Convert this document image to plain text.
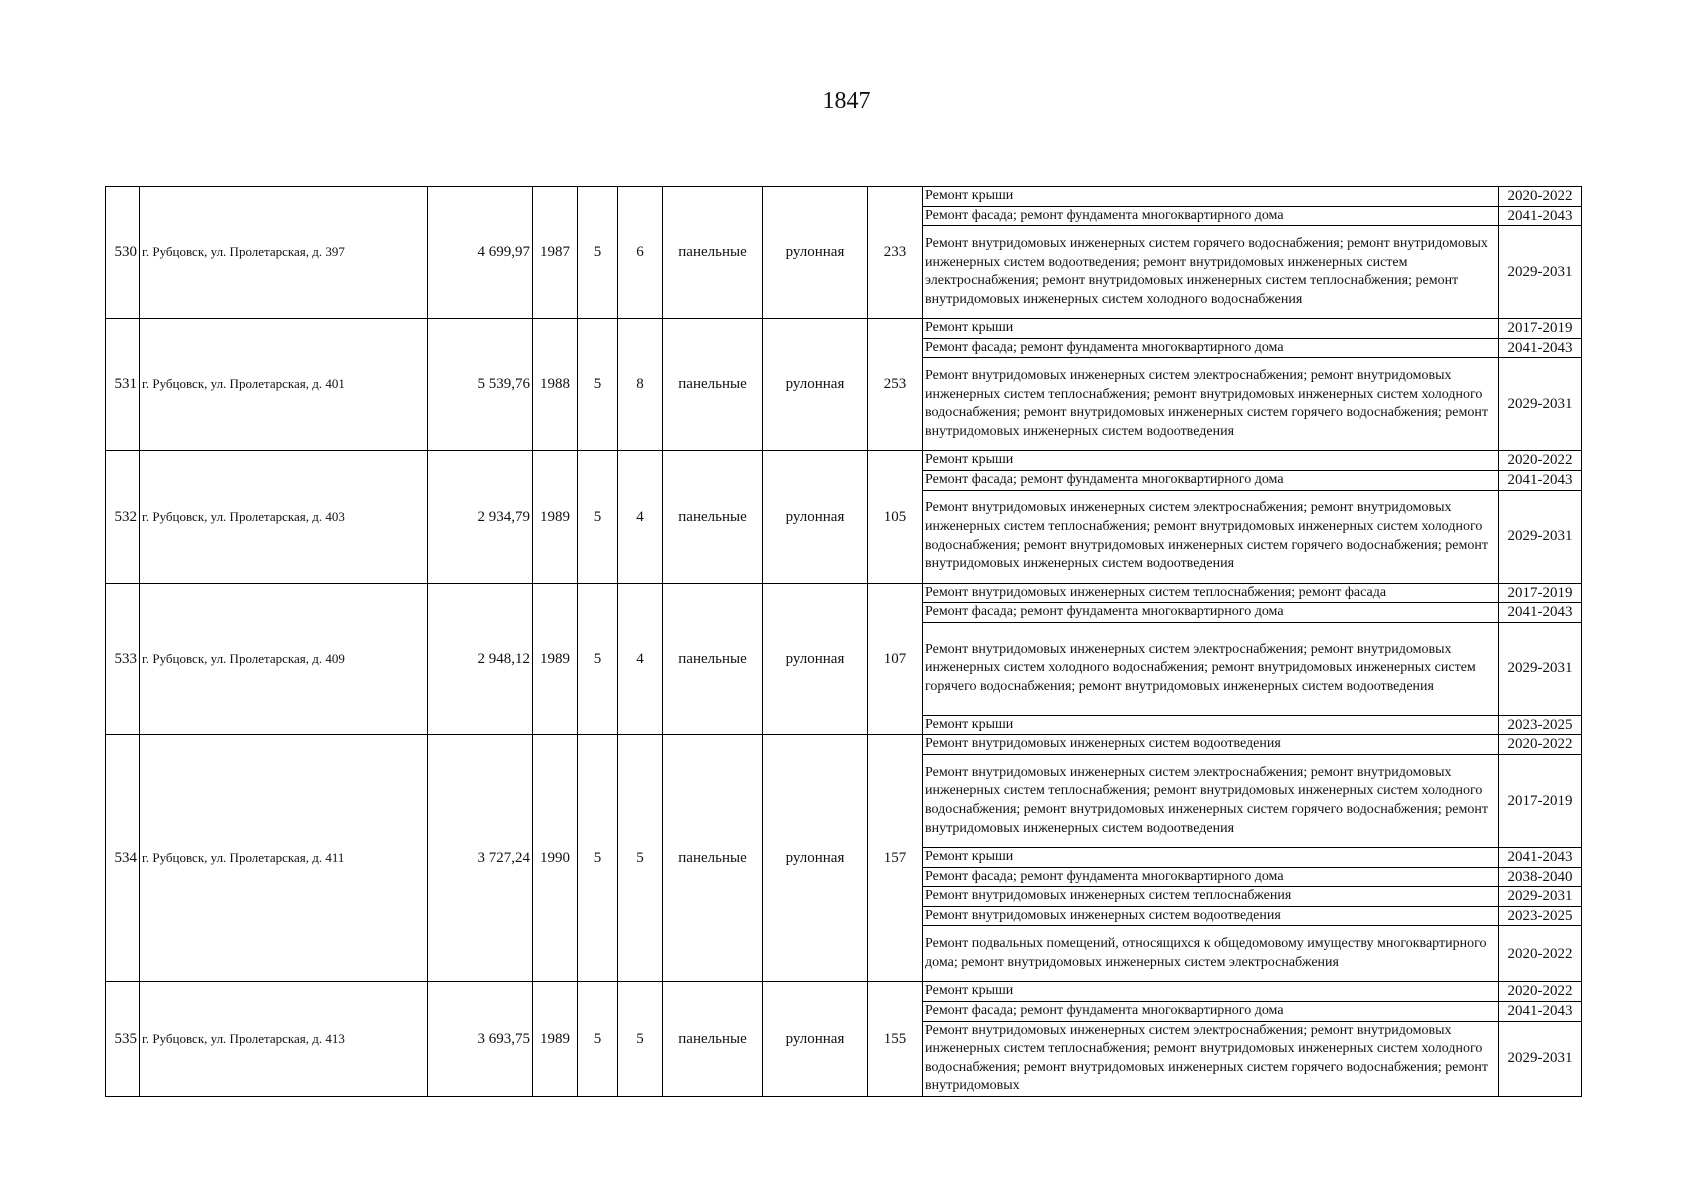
1847
530	г. Рубцовск, ул. Пролетарская, д. 397	4 699,97	1987	5	6	панельные	рулонная	233	Ремонт крыши	2020-2022
									Ремонт фасада; ремонт фундамента многоквартирного дома	2041-2043
									Ремонт внутридомовых инженерных систем горячего водоснабжения; ремонт внутридомовых инженерных систем водоотведения; ремонт внутридомовых инженерных систем электроснабжения; ремонт внутридомовых инженерных систем теплоснабжения; ремонт внутридомовых инженерных систем холодного водоснабжения	2029-2031
531	г. Рубцовск, ул. Пролетарская, д. 401	5 539,76	1988	5	8	панельные	рулонная	253	Ремонт крыши	2017-2019
									Ремонт фасада; ремонт фундамента многоквартирного дома	2041-2043
									Ремонт внутридомовых инженерных систем электроснабжения; ремонт внутридомовых инженерных систем теплоснабжения; ремонт внутридомовых инженерных систем холодного водоснабжения; ремонт внутридомовых инженерных систем горячего водоснабжения; ремонт внутридомовых инженерных систем водоотведения	2029-2031
532	г. Рубцовск, ул. Пролетарская, д. 403	2 934,79	1989	5	4	панельные	рулонная	105	Ремонт крыши	2020-2022
									Ремонт фасада; ремонт фундамента многоквартирного дома	2041-2043
									Ремонт внутридомовых инженерных систем электроснабжения; ремонт внутридомовых инженерных систем теплоснабжения; ремонт внутридомовых инженерных систем холодного водоснабжения; ремонт внутридомовых инженерных систем горячего водоснабжения; ремонт внутридомовых инженерных систем водоотведения	2029-2031
533	г. Рубцовск, ул. Пролетарская, д. 409	2 948,12	1989	5	4	панельные	рулонная	107	Ремонт внутридомовых инженерных систем теплоснабжения; ремонт фасада	2017-2019
									Ремонт фасада; ремонт фундамента многоквартирного дома	2041-2043
									Ремонт внутридомовых инженерных систем электроснабжения; ремонт внутридомовых инженерных систем холодного водоснабжения; ремонт внутридомовых инженерных систем горячего водоснабжения; ремонт внутридомовых инженерных систем водоотведения	2029-2031
									Ремонт крыши	2023-2025
534	г. Рубцовск, ул. Пролетарская, д. 411	3 727,24	1990	5	5	панельные	рулонная	157	Ремонт внутридомовых инженерных систем водоотведения	2020-2022
									Ремонт внутридомовых инженерных систем электроснабжения; ремонт внутридомовых инженерных систем теплоснабжения; ремонт внутридомовых инженерных систем холодного водоснабжения; ремонт внутридомовых инженерных систем горячего водоснабжения; ремонт внутридомовых инженерных систем водоотведения	2017-2019
									Ремонт крыши	2041-2043
									Ремонт фасада; ремонт фундамента многоквартирного дома	2038-2040
									Ремонт внутридомовых инженерных систем теплоснабжения	2029-2031
									Ремонт внутридомовых инженерных систем водоотведения	2023-2025
									Ремонт подвальных помещений, относящихся к общедомовому имуществу многоквартирного дома; ремонт внутридомовых инженерных систем электроснабжения	2020-2022
535	г. Рубцовск, ул. Пролетарская, д. 413	3 693,75	1989	5	5	панельные	рулонная	155	Ремонт крыши	2020-2022
									Ремонт фасада; ремонт фундамента многоквартирного дома	2041-2043
									Ремонт внутридомовых инженерных систем электроснабжения; ремонт внутридомовых инженерных систем теплоснабжения; ремонт внутридомовых инженерных систем холодного водоснабжения; ремонт внутридомовых инженерных систем горячего водоснабжения; ремонт внутридомовых	2029-2031
